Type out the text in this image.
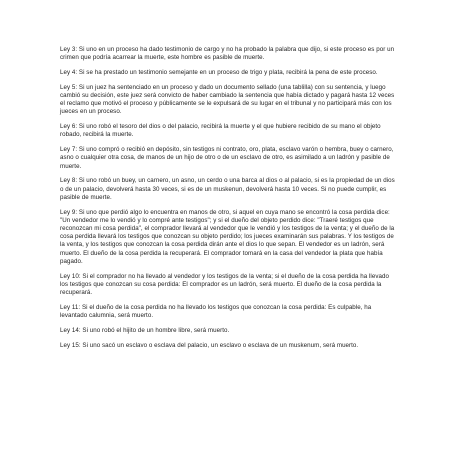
Ley 3: Si uno en un proceso ha dado testimonio de cargo y no ha probado la palabra que dijo, si este proceso es por un crimen que podría acarrear la muerte, este hombre es pasible de muerte.

Ley 4: Si se ha prestado un testimonio semejante en un proceso de trigo y plata, recibirá la pena de este proceso.

Ley 5: Si un juez ha sentenciado en un proceso y dado un documento sellado (una tablilla) con su sentencia, y luego cambió su decisión, este juez será convicto de haber cambiado la sentencia que había dictado y pagará hasta 12 veces el reclamo que motivó el proceso y públicamente se le expulsará de su lugar en el tribunal y no participará más con los jueces en un proceso.

Ley 6: Si uno robó el tesoro del dios o del palacio, recibirá la muerte y el que hubiere recibido de su mano el objeto robado, recibirá la muerte.

Ley 7: Si uno compró o recibió en depósito, sin testigos ni contrato, oro, plata, esclavo varón o hembra, buey o carnero, asno o cualquier otra cosa, de manos de un hijo de otro o de un esclavo de otro, es asimilado a un ladrón y pasible de muerte.

Ley 8: Si uno robó un buey, un carnero, un asno, un cerdo o una barca al dios o al palacio, si es la propiedad de un dios o de un palacio, devolverá hasta 30 veces, si es de un muskenun, devolverá hasta 10 veces. Si no puede cumplir, es pasible de muerte.

Ley 9: Si uno que perdió algo lo encuentra en manos de otro, si aquel en cuya mano se encontró la cosa perdida dice: "Un vendedor me lo vendió y lo compré ante testigos"; y si el dueño del objeto perdido dice: "Traeré testigos que reconozcan mi cosa perdida", el comprador llevará al vendedor que le vendió y los testigos de la venta; y el dueño de la cosa perdida llevará los testigos que conozcan su objeto perdido; los jueces examinarán sus palabras. Y los testigos de la venta, y los testigos que conozcan la cosa perdida dirán ante el dios lo que sepan. El vendedor es un ladrón, será muerto. El dueño de la cosa perdida la recuperará. El comprador tomará en la casa del vendedor la plata que había pagado.

Ley 10: Si el comprador no ha llevado al vendedor y los testigos de la venta; si el dueño de la cosa perdida ha llevado los testigos que conozcan su cosa perdida: El comprador es un ladrón, será muerto. El dueño de la cosa perdida la recuperará.

Ley 11: Si el dueño de la cosa perdida no ha llevado los testigos que conozcan la cosa perdida: Es culpable, ha levantado calumnia, será muerto.

Ley 14: Si uno robó el hijito de un hombre libre, será muerto.

Ley 15: Si uno sacó un esclavo o esclava del palacio, un esclavo o esclava de un muskenum, será muerto.
